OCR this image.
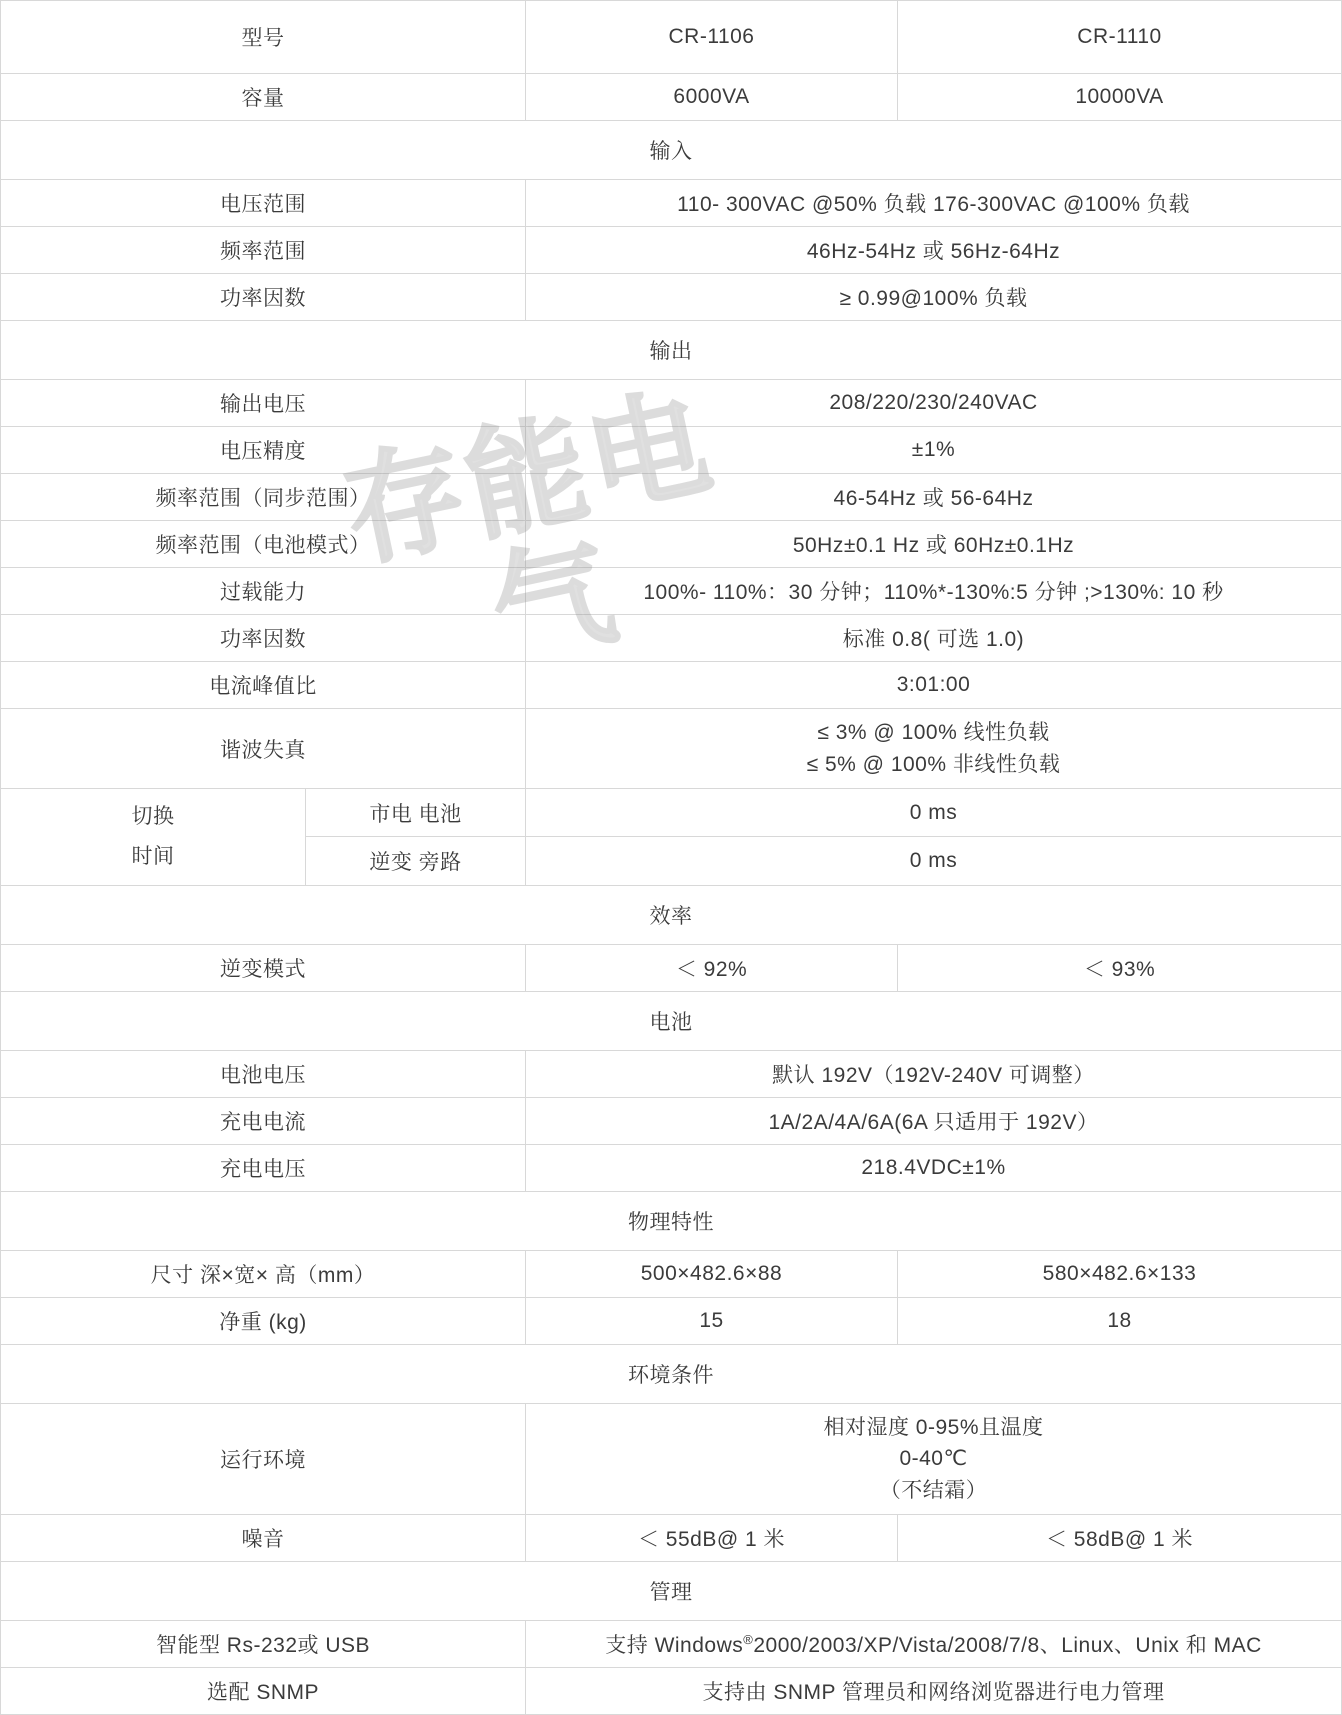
存能电气
型号		CR-1106	CR-1110
容量		6000VA	10000VA
输入			
电压范围		110- 300VAC @50% 负载 176-300VAC @100% 负载	
频率范围		46Hz-54Hz 或 56Hz-64Hz	
功率因数		≥ 0.99@100% 负载	
输出			
输出电压		208/220/230/240VAC	
电压精度		±1%	
频率范围（同步范围）		46-54Hz 或 56-64Hz	
频率范围（电池模式）		50Hz±0.1 Hz 或 60Hz±0.1Hz	
过载能力		100%- 110%：30 分钟；110%*-130%:5 分钟 ;>130%: 10 秒	
功率因数		标准 0.8( 可选 1.0)	
电流峰值比		3:01:00	
谐波失真		≤ 3% @ 100% 线性负载
≤ 5% @ 100% 非线性负载	

切换
时间	市电 电池	0 ms	
	逆变 旁路	0 ms	
效率			
逆变模式		＜ 92%	＜ 93%
电池			
电池电压		默认 192V（192V-240V 可调整）	
充电电流		1A/2A/4A/6A(6A 只适用于 192V）	
充电电压		218.4VDC±1%	
物理特性			
尺寸 深×宽× 高（mm）		500×482.6×88	580×482.6×133
净重 (kg)		15	18
环境条件			
运行环境		相对湿度 0-95%且温度
0-40℃
（不结霜）	

噪音		＜ 55dB@ 1 米	＜ 58dB@ 1 米
管理			
智能型 Rs-232或 USB		支持 Windows®2000/2003/XP/Vista/2008/7/8、Linux、Unix 和 MAC	
选配 SNMP		支持由 SNMP 管理员和网络浏览器进行电力管理	
